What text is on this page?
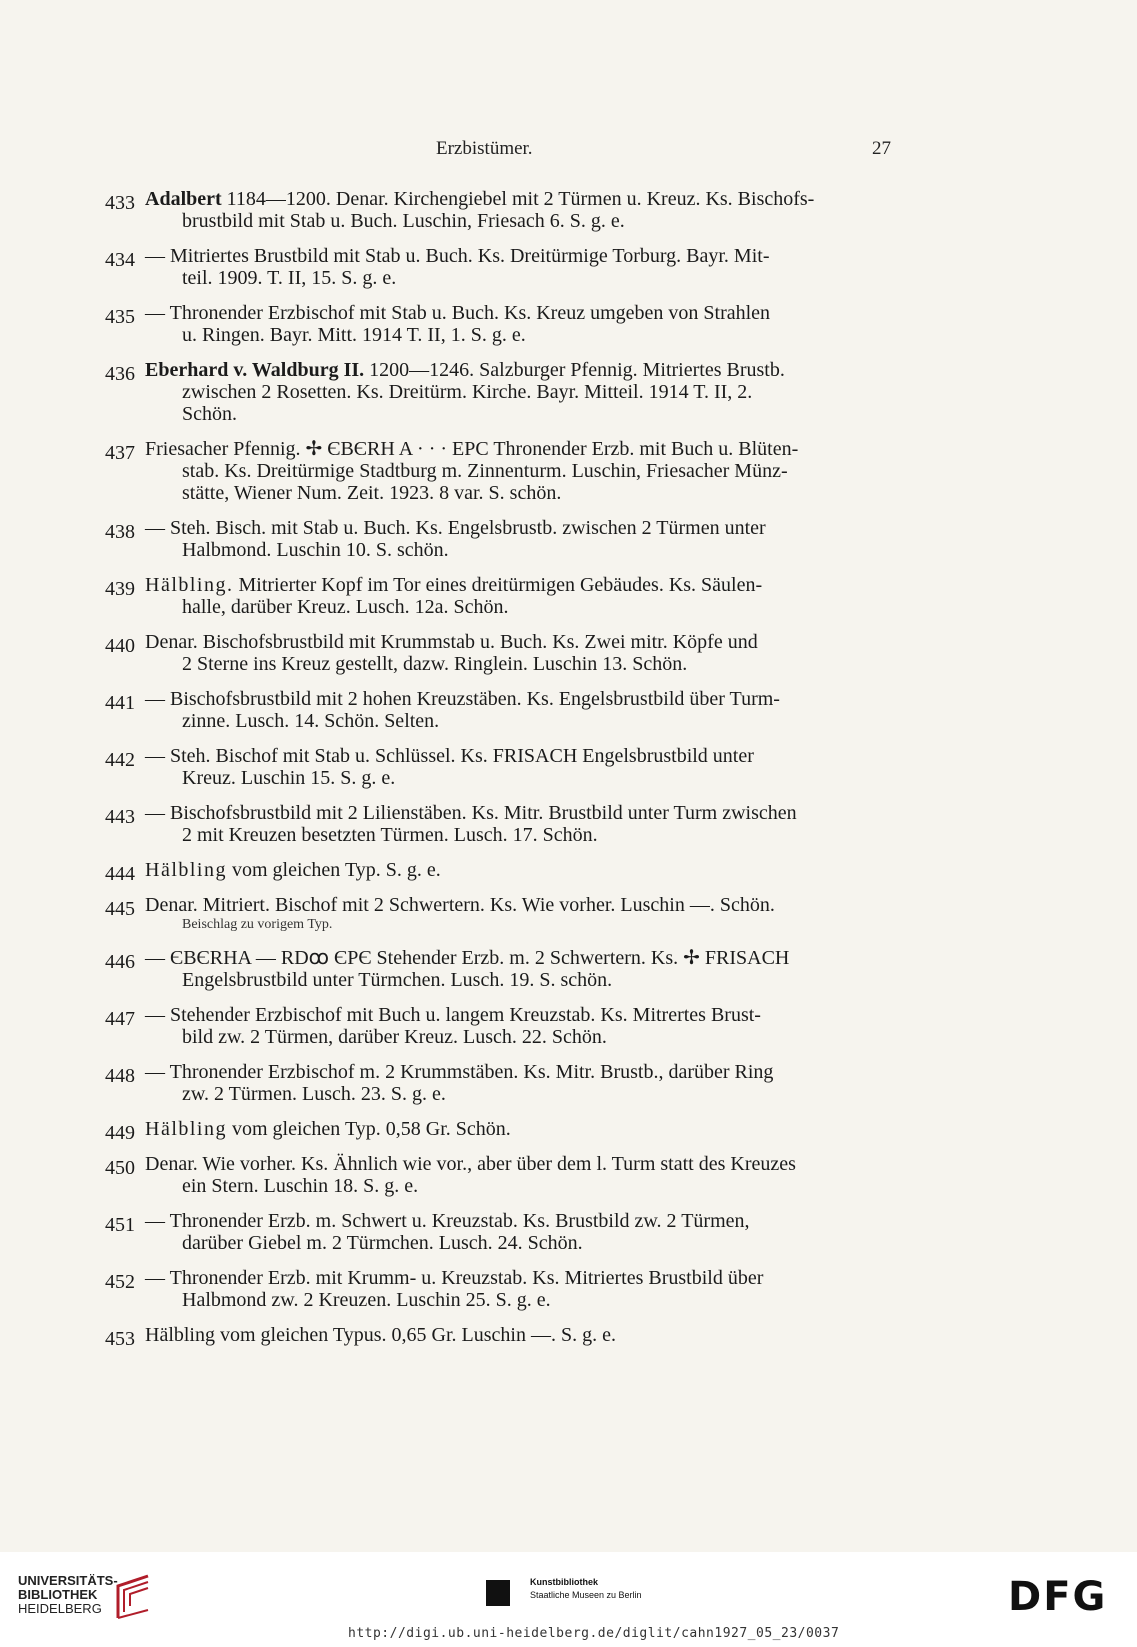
Erzbistümer.	27
433 Adalbert 1184—1200. Denar. Kirchengiebel mit 2 Türmen u. Kreuz. Ks. Bischofs-
brustbild mit Stab u. Buch. Luschin, Friesach 6. S. g. e.
434 — Mitriertes Brustbild mit Stab u. Buch. Ks. Dreitürmige Torburg. Bayr. Mit-
teil. 1909. T. II, 15. S. g. e.
435 — Thronender Erzbischof mit Stab u. Buch. Ks. Kreuz umgeben von Strahlen
u. Ringen. Bayr. Mitt. 1914 T. II, 1. S. g. e.
436 Eberhard v. Waldburg II. 1200—1246. Salzburger Pfennig. Mitriertes Brustb.
zwischen 2 Rosetten. Ks. Dreitürm. Kirche. Bayr. Mitteil. 1914 T. II, 2.
Schön.
437 Friesacher Pfennig. ✢ ЄBЄRH A · · · EPC Thronender Erzb. mit Buch u. Blüten-
stab. Ks. Dreitürmige Stadtburg m. Zinnenturm. Luschin, Friesacher Münz-
stätte, Wiener Num. Zeit. 1923. 8 var. S. schön.
438 — Steh. Bisch. mit Stab u. Buch. Ks. Engelsbrustb. zwischen 2 Türmen unter
Halbmond. Luschin 10. S. schön.
439 Hälbling. Mitrierter Kopf im Tor eines dreitürmigen Gebäudes. Ks. Säulen-
halle, darüber Kreuz. Lusch. 12a. Schön.
440 Denar. Bischofsbrustbild mit Krummstab u. Buch. Ks. Zwei mitr. Köpfe und
2 Sterne ins Kreuz gestellt, dazw. Ringlein. Luschin 13. Schön.
441 — Bischofsbrustbild mit 2 hohen Kreuzstäben. Ks. Engelsbrustbild über Turm-
zinne. Lusch. 14. Schön. Selten.
442 — Steh. Bischof mit Stab u. Schlüssel. Ks. FRISACH Engelsbrustbild unter
Kreuz. Luschin 15. S. g. e.
443 — Bischofsbrustbild mit 2 Lilienstäben. Ks. Mitr. Brustbild unter Turm zwischen
2 mit Kreuzen besetzten Türmen. Lusch. 17. Schön.
444 Hälbling vom gleichen Typ. S. g. e.
445 Denar. Mitriert. Bischof mit 2 Schwertern. Ks. Wie vorher. Luschin —. Schön.
Beischlag zu vorigem Typ.
446 — ЄBЄRHA — RDꝏ ЄPЄ Stehender Erzb. m. 2 Schwertern. Ks. ✢ FRISACH
Engelsbrustbild unter Türmchen. Lusch. 19. S. schön.
447 — Stehender Erzbischof mit Buch u. langem Kreuzstab. Ks. Mitrertes Brust-
bild zw. 2 Türmen, darüber Kreuz. Lusch. 22. Schön.
448 — Thronender Erzbischof m. 2 Krummstäben. Ks. Mitr. Brustb., darüber Ring
zw. 2 Türmen. Lusch. 23. S. g. e.
449 Hälbling vom gleichen Typ. 0,58 Gr. Schön.
450 Denar. Wie vorher. Ks. Ähnlich wie vor., aber über dem l. Turm statt des Kreuzes
ein Stern. Luschin 18. S. g. e.
451 — Thronender Erzb. m. Schwert u. Kreuzstab. Ks. Brustbild zw. 2 Türmen,
darüber Giebel m. 2 Türmchen. Lusch. 24. Schön.
452 — Thronender Erzb. mit Krumm- u. Kreuzstab. Ks. Mitriertes Brustbild über
Halbmond zw. 2 Kreuzen. Luschin 25. S. g. e.
453 Hälbling vom gleichen Typus. 0,65 Gr. Luschin —. S. g. e.
UNIVERSITÄTS-
BIBLIOTHEK
HEIDELBERG
Kunstbibliothek
Staatliche Museen zu Berlin	DFG
http://digi.ub.uni-heidelberg.de/diglit/cahn1927_05_23/0037
